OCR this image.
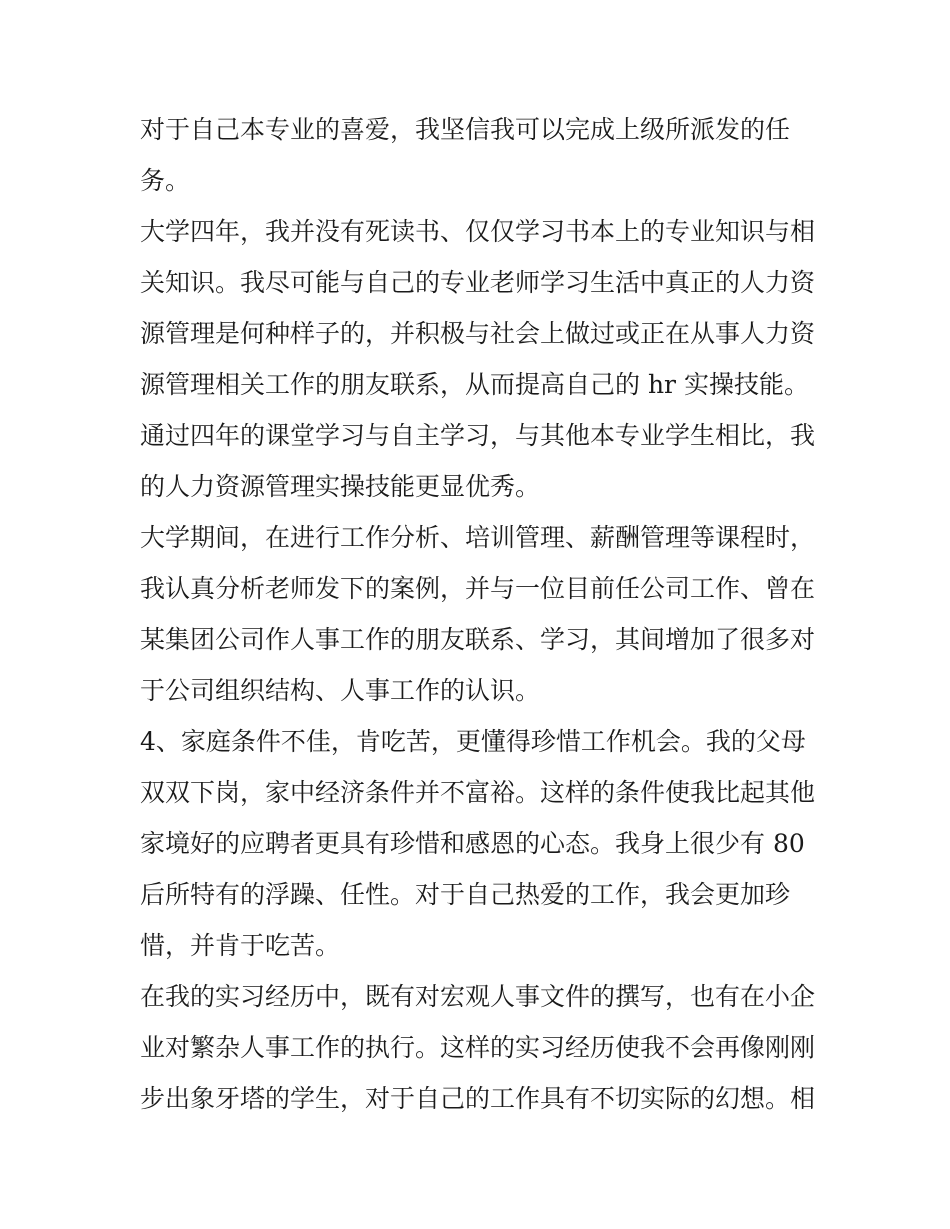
对于自己本专业的喜爱，我坚信我可以完成上级所派发的任
务。
大学四年，我并没有死读书、仅仅学习书本上的专业知识与相
关知识。我尽可能与自己的专业老师学习生活中真正的人力资
源管理是何种样子的，并积极与社会上做过或正在从事人力资
源管理相关工作的朋友联系，从而提高自己的 hr 实操技能。
通过四年的课堂学习与自主学习，与其他本专业学生相比，我
的人力资源管理实操技能更显优秀。
大学期间，在进行工作分析、培训管理、薪酬管理等课程时，
我认真分析老师发下的案例，并与一位目前任公司工作、曾在
某集团公司作人事工作的朋友联系、学习，其间增加了很多对
于公司组织结构、人事工作的认识。
4、家庭条件不佳，肯吃苦，更懂得珍惜工作机会。我的父母
双双下岗，家中经济条件并不富裕。这样的条件使我比起其他
家境好的应聘者更具有珍惜和感恩的心态。我身上很少有 80
后所特有的浮躁、任性。对于自己热爱的工作，我会更加珍
惜，并肯于吃苦。
在我的实习经历中，既有对宏观人事文件的撰写，也有在小企
业对繁杂人事工作的执行。这样的实习经历使我不会再像刚刚
步出象牙塔的学生，对于自己的工作具有不切实际的幻想。相
